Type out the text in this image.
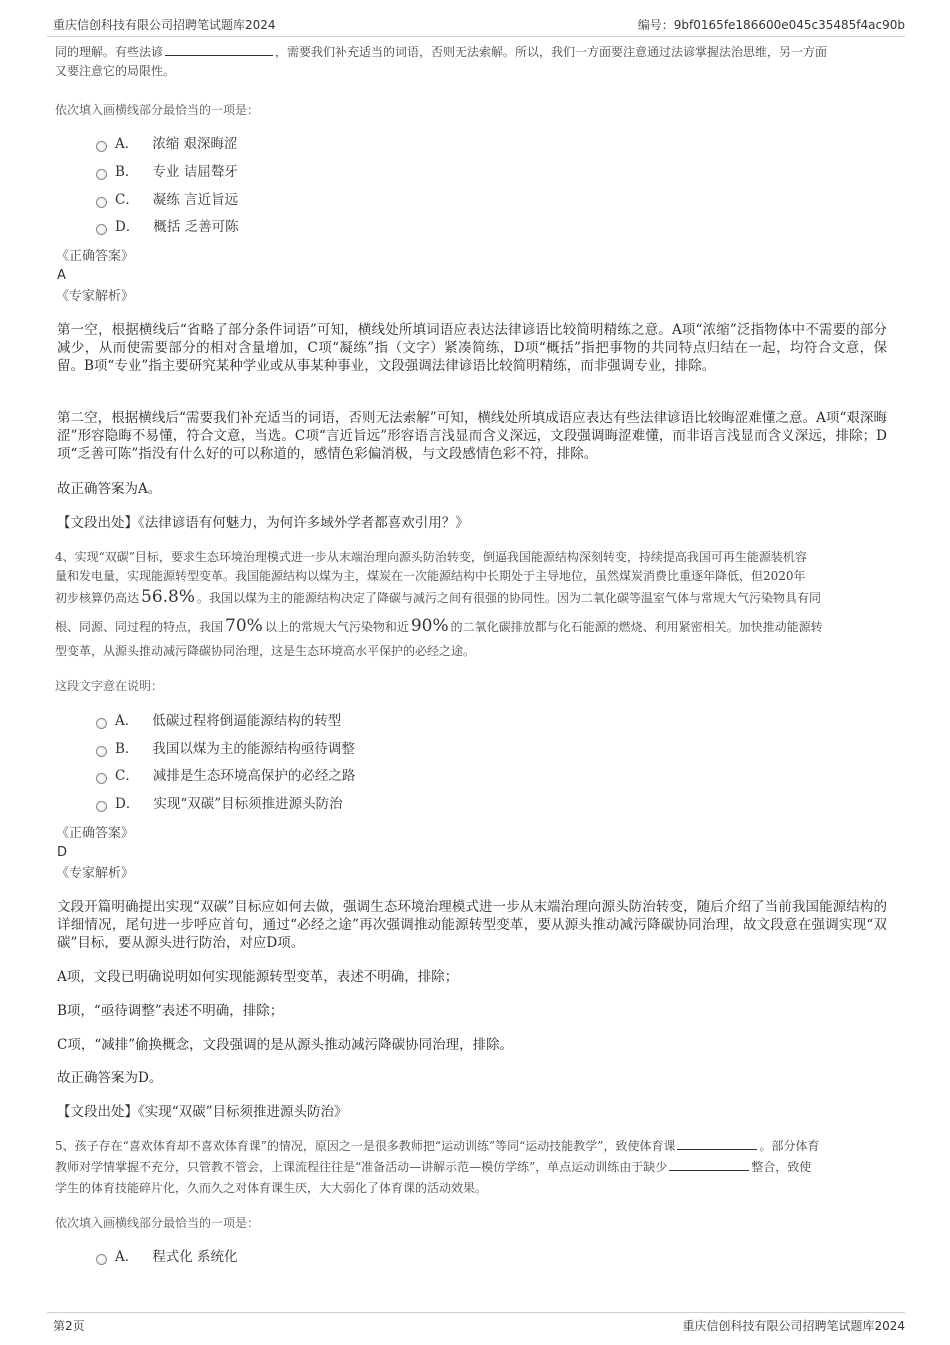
重庆信创科技有限公司招聘笔试题库2024	编号：9bf0165fe186600e045c35485f4ac90b
同的理解。有些法谚	，需要我们补充适当的词语，否则无法索解。所以，我们一方面要注意通过法谚掌握法治思维，另一方面
又要注意它的局限性。
依次填入画横线部分最恰当的一项是：
A． 浓缩 艰深晦涩
B． 专业 诘屈聱牙
C． 凝练 言近旨远
D． 概括 乏善可陈
《正确答案》
A
《专家解析》
第一空，根据横线后“省略了部分条件词语”可知，横线处所填词语应表达法律谚语比较简明精练之意。A项“浓缩”泛指物体中不需要的部分减少，从而使需要部分的相对含量增加，C项“凝练”指（文字）紧凑简练，D项“概括”指把事物的共同特点归结在一起，均符合文意，保留。B项“专业”指主要研究某种学业或从事某种事业，文段强调法律谚语比较简明精练，而非强调专业，排除。
第二空，根据横线后“需要我们补充适当的词语，否则无法索解”可知，横线处所填成语应表达有些法律谚语比较晦涩难懂之意。A项“艰深晦涩”形容隐晦不易懂，符合文意，当选。C项“言近旨远”形容语言浅显而含义深远，文段强调晦涩难懂，而非语言浅显而含义深远，排除；D项“乏善可陈”指没有什么好的可以称道的，感情色彩偏消极，与文段感情色彩不符，排除。
故正确答案为A。
【文段出处】《法律谚语有何魅力，为何许多域外学者都喜欢引用？》
4、实现“双碳”目标，要求生态环境治理模式进一步从末端治理向源头防治转变，倒逼我国能源结构深刻转变，持续提高我国可再生能源装机容
量和发电量，实现能源转型变革。我国能源结构以煤为主，煤炭在一次能源结构中长期处于主导地位，虽然煤炭消费比重逐年降低，但2020年
初步核算仍高达 56.8% 。我国以煤为主的能源结构决定了降碳与减污之间有很强的协同性。因为二氧化碳等温室气体与常规大气污染物具有同
根、同源、同过程的特点，我国 70% 以上的常规大气污染物和近 90% 的二氧化碳排放都与化石能源的燃烧、利用紧密相关。加快推动能源转
型变革，从源头推动减污降碳协同治理，这是生态环境高水平保护的必经之途。
这段文字意在说明：
A． 低碳过程将倒逼能源结构的转型
B． 我国以煤为主的能源结构亟待调整
C． 减排是生态环境高保护的必经之路
D． 实现“双碳”目标须推进源头防治
《正确答案》
D
《专家解析》
文段开篇明确提出实现“双碳”目标应如何去做，强调生态环境治理模式进一步从末端治理向源头防治转变，随后介绍了当前我国能源结构的详细情况，尾句进一步呼应首句，通过“必经之途”再次强调推动能源转型变革，要从源头推动减污降碳协同治理，故文段意在强调实现“双碳”目标，要从源头进行防治，对应D项。
A项，文段已明确说明如何实现能源转型变革，表述不明确，排除；
B项，“亟待调整”表述不明确，排除；
C项，“减排”偷换概念，文段强调的是从源头推动减污降碳协同治理，排除。
故正确答案为D。
【文段出处】《实现“双碳”目标须推进源头防治》
5、孩子存在“喜欢体育却不喜欢体育课”的情况，原因之一是很多教师把“运动训练”等同“运动技能教学”，致使体育课	。部分体育
教师对学情掌握不充分，只管教不管会，上课流程往往是“准备活动—讲解示范—模仿学练”，单点运动训练由于缺少	整合，致使
学生的体育技能碎片化，久而久之对体育课生厌，大大弱化了体育课的活动效果。
依次填入画横线部分最恰当的一项是：
A． 程式化 系统化
第2页	重庆信创科技有限公司招聘笔试题库2024
